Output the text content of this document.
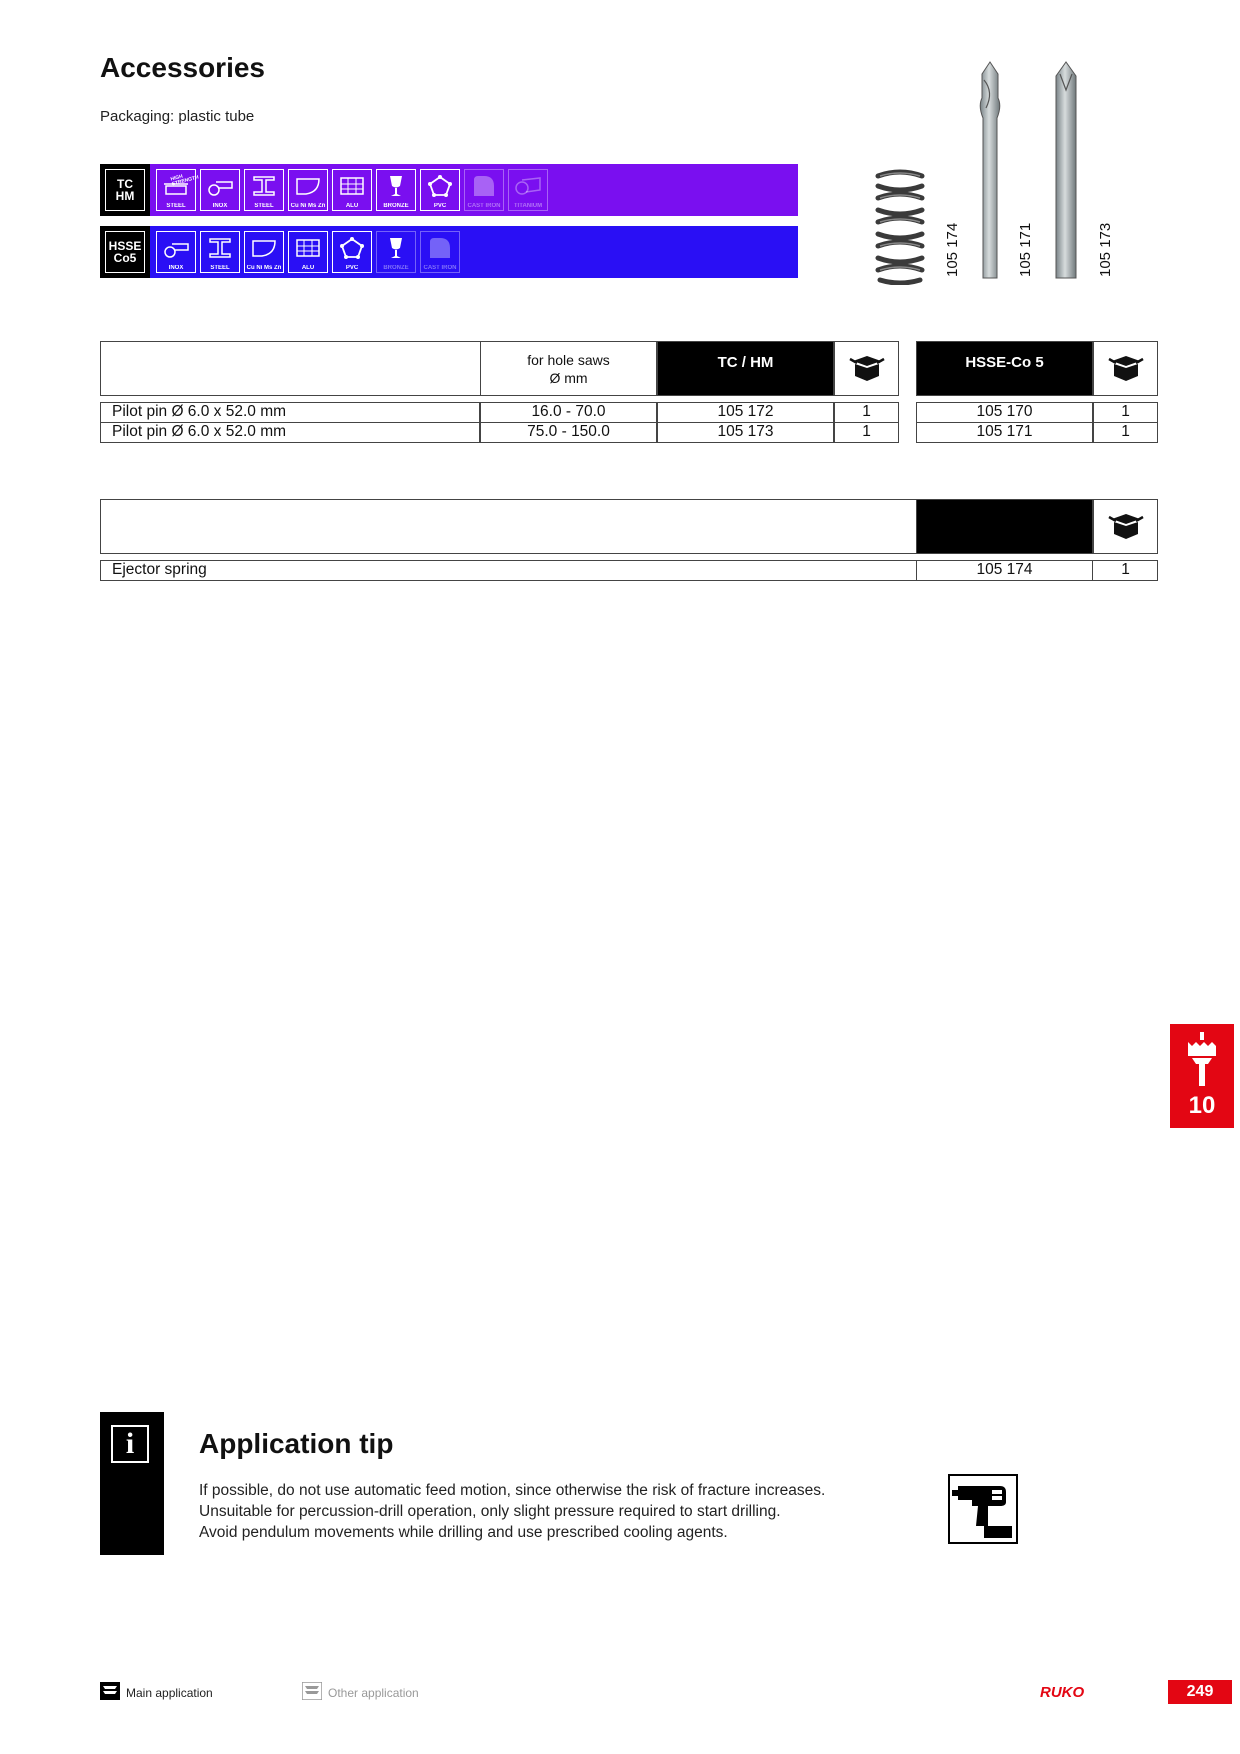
Accessories
Packaging: plastic tube
TC
HM
HIGH STRENGTH
STEEL	INOX	STEEL	Cu Ni Ms Zn	ALU	BRONZE	PVC	CAST IRON	TITANIUM
HSSE
Co5
INOX	STEEL	Cu Ni Ms Zn	ALU	PVC	BRONZE	CAST IRON	105 174	105 171	105 173
for hole saws
Ø mm
TC / HM	HSSE-Co 5
Pilot pin Ø 6.0 x 52.0 mm	16.0 - 70.0	105 172	1	105 170	1
Pilot pin Ø 6.0 x 52.0 mm	75.0 - 150.0	105 173	1	105 171	1
Ejector spring	105 174	1
10
i	Application tip
If possible, do not use automatic feed motion, since otherwise the risk of fracture increases.
Unsuitable for percussion-drill operation, only slight pressure required to start drilling.
Avoid pendulum movements while drilling and use prescribed cooling agents.
Main application	Other application	RUKO	249
